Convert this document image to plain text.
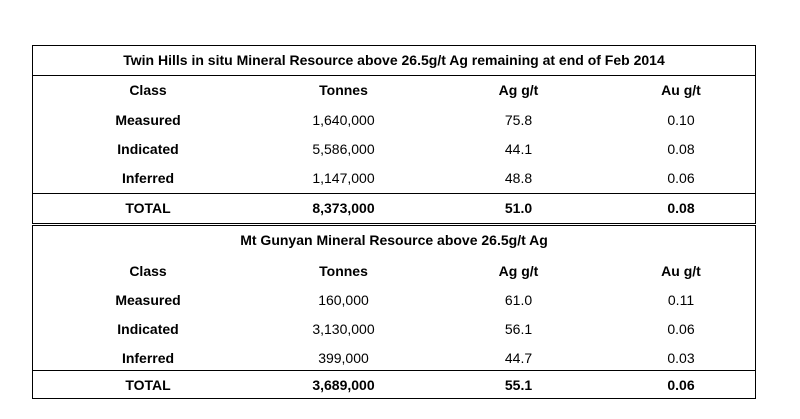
Twin Hills in situ Mineral Resource above 26.5g/t Ag remaining at end of Feb 2014
Class	Tonnes	Ag g/t	Au g/t
Measured	1,640,000	75.8	0.10
Indicated	5,586,000	44.1	0.08
Inferred	1,147,000	48.8	0.06
TOTAL	8,373,000	51.0	0.08
Mt Gunyan Mineral Resource above 26.5g/t Ag
Class	Tonnes	Ag g/t	Au g/t
Measured	160,000	61.0	0.11
Indicated	3,130,000	56.1	0.06
Inferred	399,000	44.7	0.03
TOTAL	3,689,000	55.1	0.06
